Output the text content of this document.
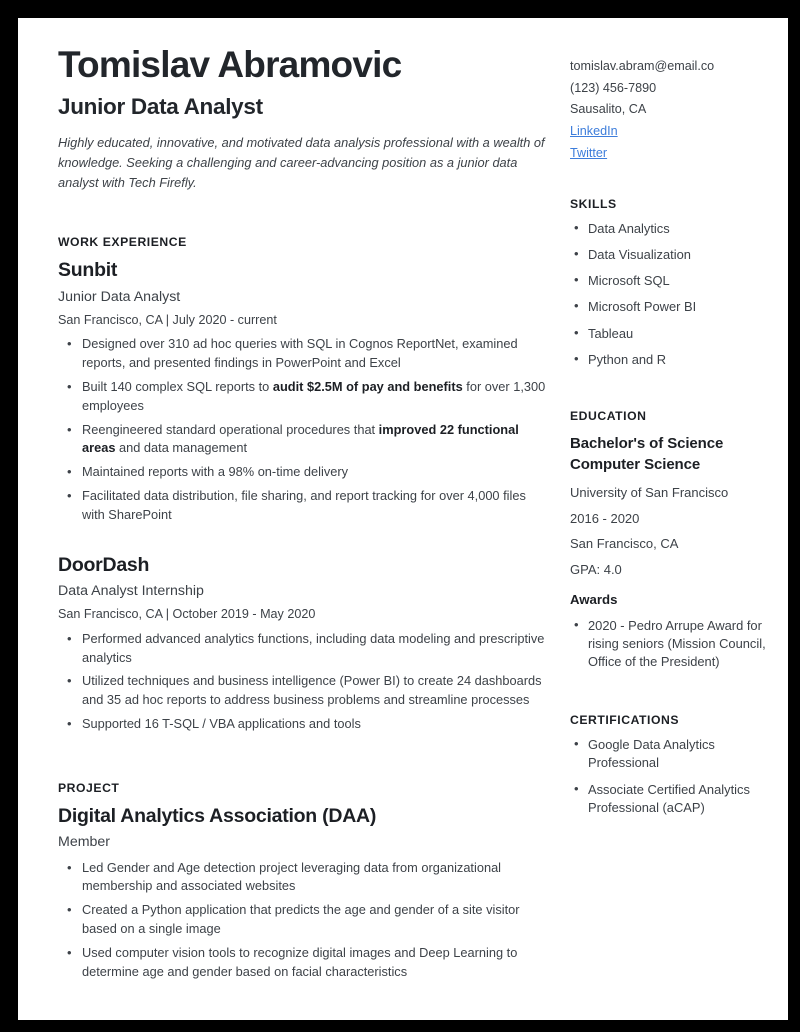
Tomislav Abramovic
Junior Data Analyst
Highly educated, innovative, and motivated data analysis professional with a wealth of knowledge. Seeking a challenging and career-advancing position as a junior data analyst with Tech Firefly.
tomislav.abram@email.co
(123) 456-7890
Sausalito, CA
LinkedIn
Twitter
WORK EXPERIENCE
Sunbit
Junior Data Analyst
San Francisco, CA | July 2020 - current
• Designed over 310 ad hoc queries with SQL in Cognos ReportNet, examined reports, and presented findings in PowerPoint and Excel
• Built 140 complex SQL reports to audit $2.5M of pay and benefits for over 1,300 employees
• Reengineered standard operational procedures that improved 22 functional areas and data management
• Maintained reports with a 98% on-time delivery
• Facilitated data distribution, file sharing, and report tracking for over 4,000 files with SharePoint
DoorDash
Data Analyst Internship
San Francisco, CA | October 2019 - May 2020
• Performed advanced analytics functions, including data modeling and prescriptive analytics
• Utilized techniques and business intelligence (Power BI) to create 24 dashboards and 35 ad hoc reports to address business problems and streamline processes
• Supported 16 T-SQL / VBA applications and tools
PROJECT
Digital Analytics Association (DAA)
Member
• Led Gender and Age detection project leveraging data from organizational membership and associated websites
• Created a Python application that predicts the age and gender of a site visitor based on a single image
• Used computer vision tools to recognize digital images and Deep Learning to determine age and gender based on facial characteristics
SKILLS
• Data Analytics
• Data Visualization
• Microsoft SQL
• Microsoft Power BI
• Tableau
• Python and R
EDUCATION
Bachelor's of Science
Computer Science
University of San Francisco
2016 - 2020
San Francisco, CA
GPA: 4.0
Awards
• 2020 - Pedro Arrupe Award for rising seniors (Mission Council, Office of the President)
CERTIFICATIONS
• Google Data Analytics Professional
• Associate Certified Analytics Professional (aCAP)
